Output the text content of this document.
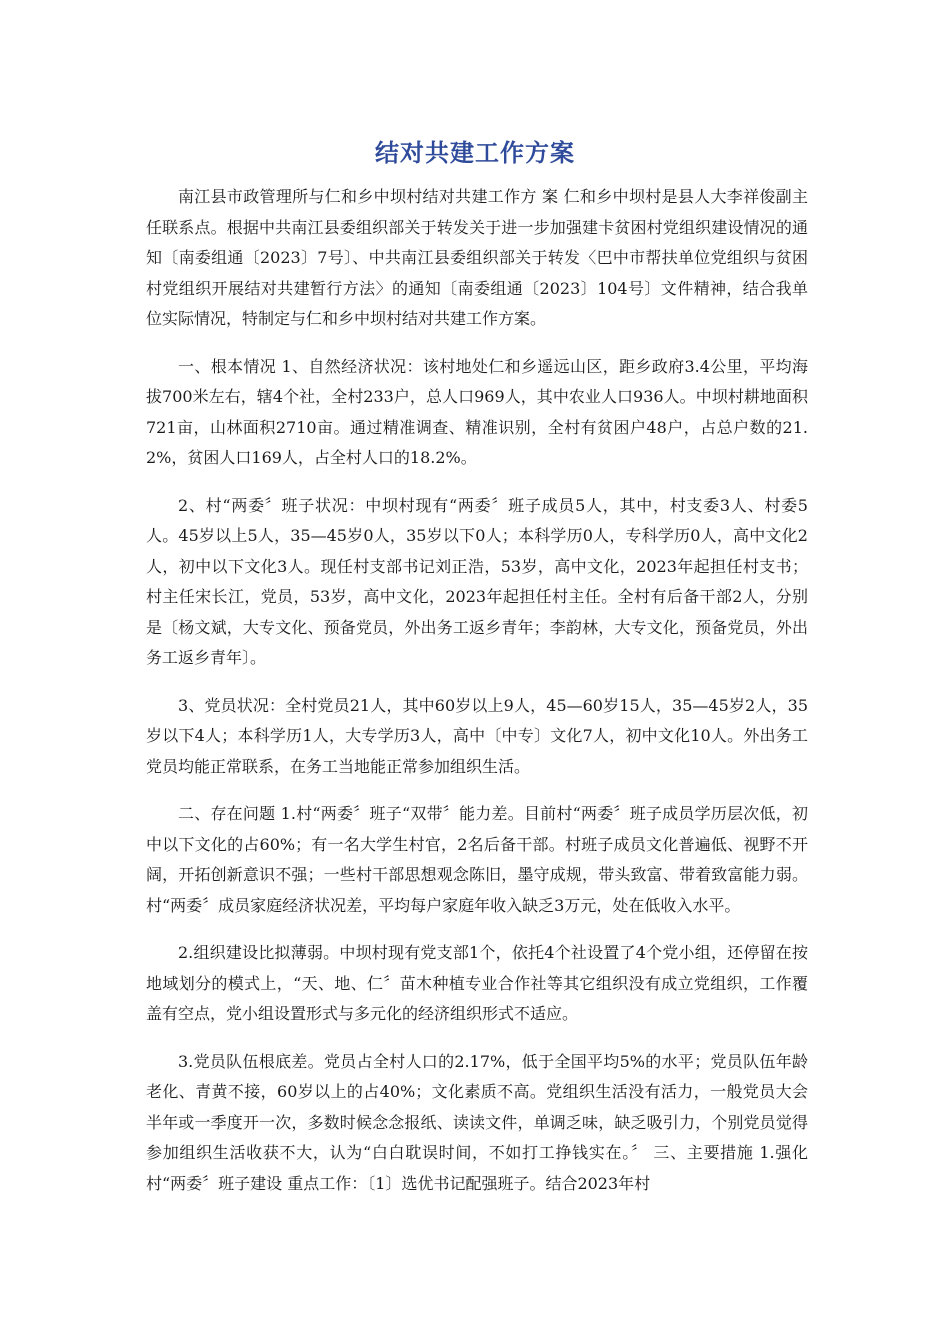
结对共建工作方案

南江县市政管理所与仁和乡中坝村结对共建工作方 案 仁和乡中坝村是县人大李祥俊副主任联系点。根据中共南江县委组织部关于转发关于进一步加强建卡贫困村党组织建设情况的通知〔南委组通〔2023〕7号〕、中共南江县委组织部关于转发〈巴中市帮扶单位党组织与贫困村党组织开展结对共建暂行方法〉的通知〔南委组通〔2023〕104号〕文件精神，结合我单位实际情况，特制定与仁和乡中坝村结对共建工作方案。

一、根本情况 1、自然经济状况：该村地处仁和乡遥远山区，距乡政府3.4公里，平均海拔700米左右，辖4个社，全村233户，总人口969人，其中农业人口936人。中坝村耕地面积721亩，山林面积2710亩。通过精准调查、精准识别，全村有贫困户48户，占总户数的21.2%，贫困人口169人，占全村人口的18.2%。

2、村“两委〞班子状况：中坝村现有“两委〞班子成员5人，其中，村支委3人、村委5人。45岁以上5人，35—45岁0人，35岁以下0人；本科学历0人，专科学历0人，高中文化2人，初中以下文化3人。现任村支部书记刘正浩，53岁，高中文化，2023年起担任村支书；村主任宋长江，党员，53岁，高中文化，2023年起担任村主任。全村有后备干部2人，分别是〔杨文斌，大专文化、预备党员，外出务工返乡青年；李韵林，大专文化，预备党员，外出务工返乡青年〕。

3、党员状况：全村党员21人，其中60岁以上9人，45—60岁15人，35—45岁2人，35岁以下4人；本科学历1人，大专学历3人，高中〔中专〕文化7人，初中文化10人。外出务工党员均能正常联系，在务工当地能正常参加组织生活。

二、存在问题 1.村“两委〞班子“双带〞能力差。目前村“两委〞班子成员学历层次低，初中以下文化的占60%；有一名大学生村官，2名后备干部。村班子成员文化普遍低、视野不开阔，开拓创新意识不强；一些村干部思想观念陈旧，墨守成规，带头致富、带着致富能力弱。村“两委〞成员家庭经济状况差，平均每户家庭年收入缺乏3万元，处在低收入水平。

2.组织建设比拟薄弱。中坝村现有党支部1个，依托4个社设置了4个党小组，还停留在按地域划分的模式上，“天、地、仁〞苗木种植专业合作社等其它组织没有成立党组织，工作覆盖有空点，党小组设置形式与多元化的经济组织形式不适应。

3.党员队伍根底差。党员占全村人口的2.17%，低于全国平均5%的水平；党员队伍年龄老化、青黄不接，60岁以上的占40%；文化素质不高。党组织生活没有活力，一般党员大会半年或一季度开一次，多数时候念念报纸、读读文件，单调乏味，缺乏吸引力，个别党员觉得参加组织生活收获不大，认为“白白耽误时间，不如打工挣钱实在。〞 三、主要措施 1.强化村“两委〞班子建设 重点工作：〔1〕选优书记配强班子。结合2023年村
